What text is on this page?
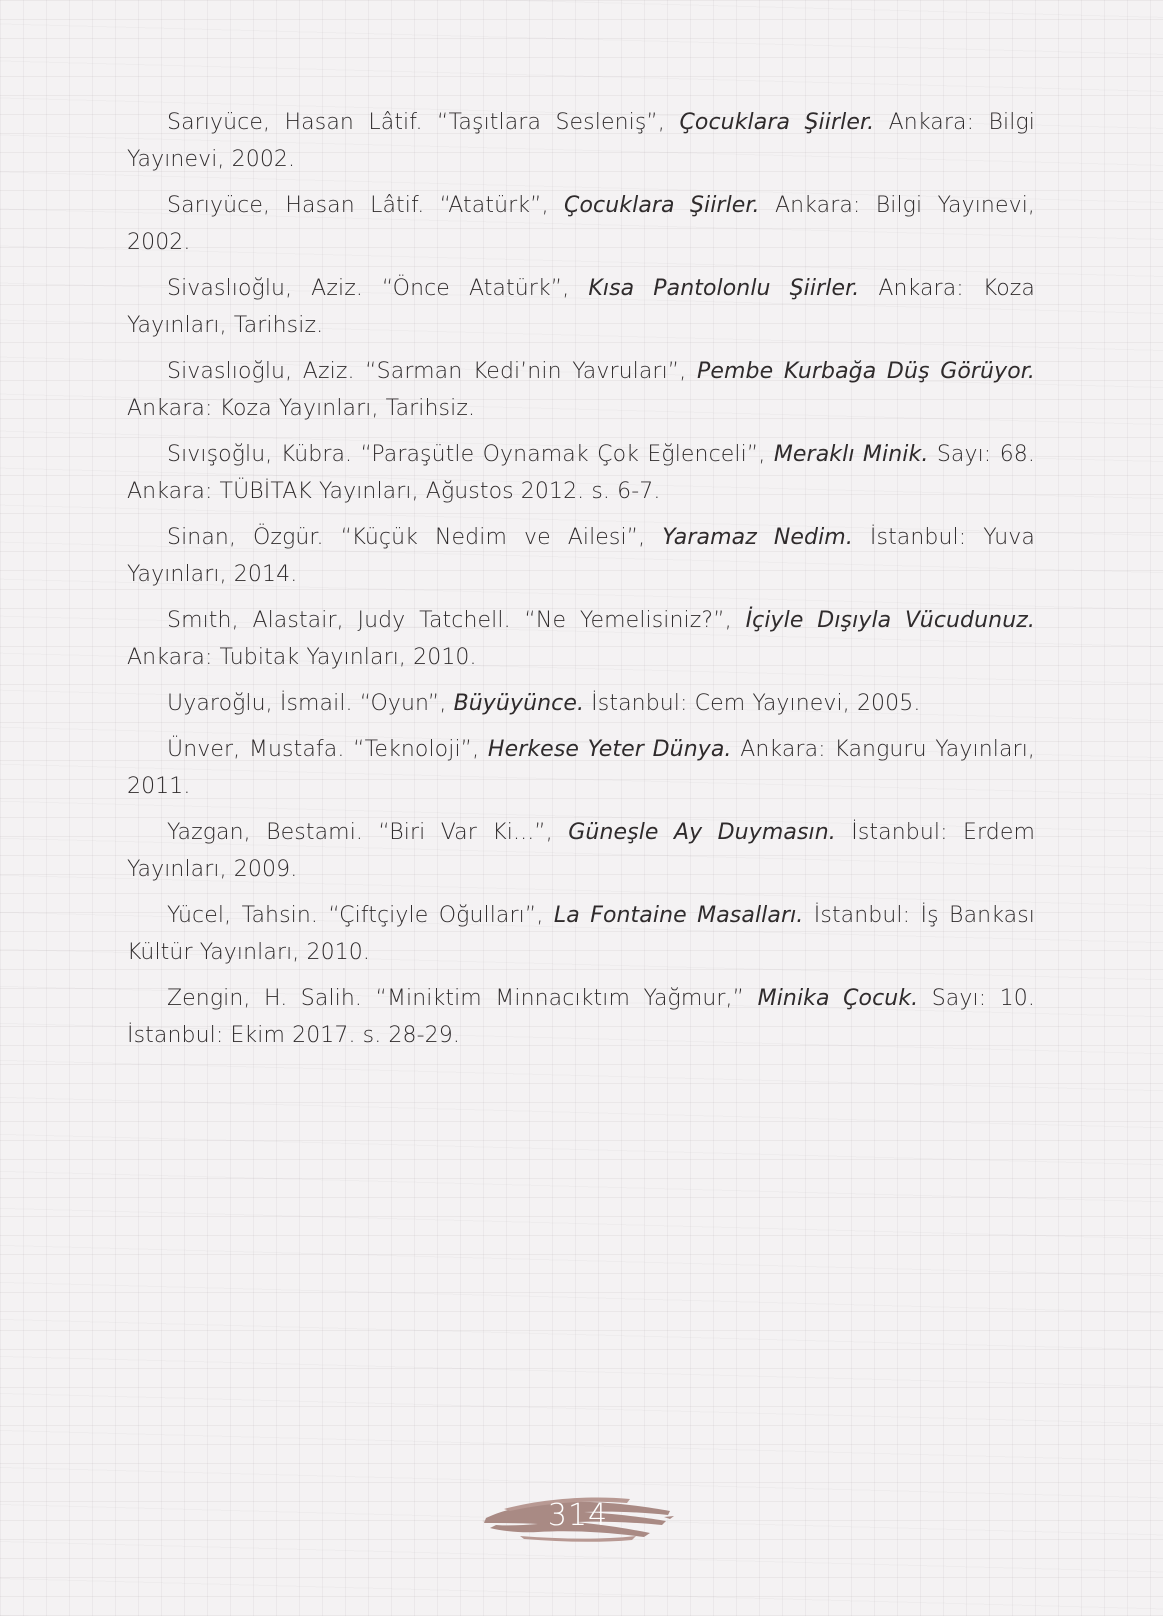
Sarıyüce, Hasan Lâtif. “Taşıtlara Sesleniş”, Çocuklara Şiirler. Ankara: Bilgi Yayınevi, 2002.
Sarıyüce, Hasan Lâtif. “Atatürk”, Çocuklara Şiirler. Ankara: Bilgi Yayınevi, 2002.
Sivaslıoğlu, Aziz. “Önce Atatürk”, Kısa Pantolonlu Şiirler. Ankara: Koza Yayınları, Tarihsiz.
Sivaslıoğlu, Aziz. “Sarman Kedi’nin Yavruları”, Pembe Kurbağa Düş Görüyor. Ankara: Koza Yayınları, Tarihsiz.
Sıvışoğlu, Kübra. “Paraşütle Oynamak Çok Eğlenceli”, Meraklı Minik. Sayı: 68. Ankara: TÜBİTAK Yayınları, Ağustos 2012. s. 6-7.
Sinan, Özgür. “Küçük Nedim ve Ailesi”, Yaramaz Nedim. İstanbul: Yuva Yayınları, 2014.
Smıth, Alastair, Judy Tatchell. “Ne Yemelisiniz?”, İçiyle Dışıyla Vücudunuz. Ankara: Tubitak Yayınları, 2010.
Uyaroğlu, İsmail. “Oyun”, Büyüyünce. İstanbul: Cem Yayınevi, 2005.
Ünver, Mustafa. “Teknoloji”, Herkese Yeter Dünya. Ankara: Kanguru Yayınları, 2011.
Yazgan, Bestami. “Biri Var Ki...”, Güneşle Ay Duymasın. İstanbul: Erdem Yayınları, 2009.
Yücel, Tahsin. “Çiftçiyle Oğulları”, La Fontaine Masalları. İstanbul: İş Bankası Kültür Yayınları, 2010.
Zengin, H. Salih. “Miniktim Minnacıktım Yağmur,” Minika Çocuk. Sayı: 10. İstanbul: Ekim 2017. s. 28-29.
314
